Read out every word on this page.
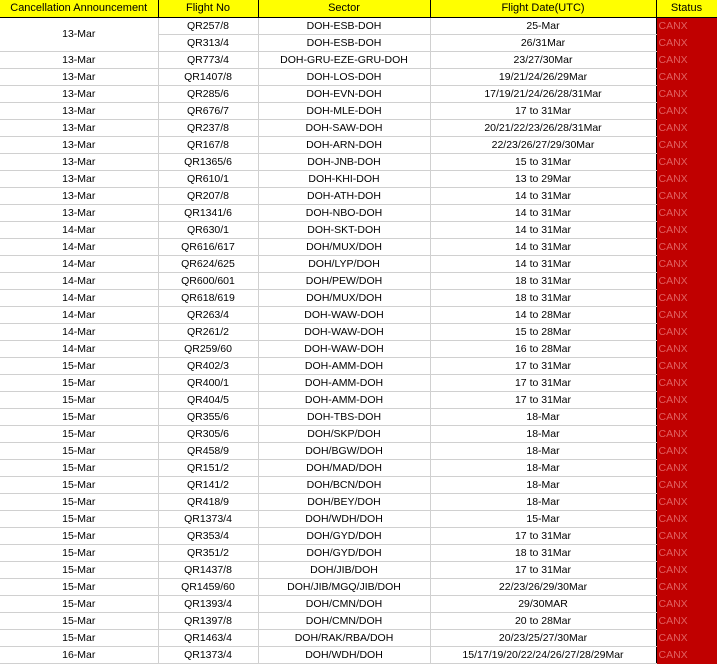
Cancellation Announcement	Flight No	Sector	Flight Date(UTC)	Status
13-Mar	QR257/8	DOH-ESB-DOH	25-Mar	CANX
	QR313/4	DOH-ESB-DOH	26/31Mar	CANX
13-Mar	QR773/4	DOH-GRU-EZE-GRU-DOH	23/27/30Mar	CANX
13-Mar	QR1407/8	DOH-LOS-DOH	19/21/24/26/29Mar	CANX
13-Mar	QR285/6	DOH-EVN-DOH	17/19/21/24/26/28/31Mar	CANX
13-Mar	QR676/7	DOH-MLE-DOH	17 to 31Mar	CANX
13-Mar	QR237/8	DOH-SAW-DOH	20/21/22/23/26/28/31Mar	CANX
13-Mar	QR167/8	DOH-ARN-DOH	22/23/26/27/29/30Mar	CANX
13-Mar	QR1365/6	DOH-JNB-DOH	15 to 31Mar	CANX
13-Mar	QR610/1	DOH-KHI-DOH	13 to 29Mar	CANX
13-Mar	QR207/8	DOH-ATH-DOH	14 to 31Mar	CANX
13-Mar	QR1341/6	DOH-NBO-DOH	14 to 31Mar	CANX
14-Mar	QR630/1	DOH-SKT-DOH	14 to 31Mar	CANX
14-Mar	QR616/617	DOH/MUX/DOH	14 to 31Mar	CANX
14-Mar	QR624/625	DOH/LYP/DOH	14 to 31Mar	CANX
14-Mar	QR600/601	DOH/PEW/DOH	18 to 31Mar	CANX
14-Mar	QR618/619	DOH/MUX/DOH	18 to 31Mar	CANX
14-Mar	QR263/4	DOH-WAW-DOH	14 to 28Mar	CANX
14-Mar	QR261/2	DOH-WAW-DOH	15 to 28Mar	CANX
14-Mar	QR259/60	DOH-WAW-DOH	16 to 28Mar	CANX
15-Mar	QR402/3	DOH-AMM-DOH	17 to 31Mar	CANX
15-Mar	QR400/1	DOH-AMM-DOH	17 to 31Mar	CANX
15-Mar	QR404/5	DOH-AMM-DOH	17 to 31Mar	CANX
15-Mar	QR355/6	DOH-TBS-DOH	18-Mar	CANX
15-Mar	QR305/6	DOH/SKP/DOH	18-Mar	CANX
15-Mar	QR458/9	DOH/BGW/DOH	18-Mar	CANX
15-Mar	QR151/2	DOH/MAD/DOH	18-Mar	CANX
15-Mar	QR141/2	DOH/BCN/DOH	18-Mar	CANX
15-Mar	QR418/9	DOH/BEY/DOH	18-Mar	CANX
15-Mar	QR1373/4	DOH/WDH/DOH	15-Mar	CANX
15-Mar	QR353/4	DOH/GYD/DOH	17 to 31Mar	CANX
15-Mar	QR351/2	DOH/GYD/DOH	18 to 31Mar	CANX
15-Mar	QR1437/8	DOH/JIB/DOH	17 to 31Mar	CANX
15-Mar	QR1459/60	DOH/JIB/MGQ/JIB/DOH	22/23/26/29/30Mar	CANX
15-Mar	QR1393/4	DOH/CMN/DOH	29/30MAR	CANX
15-Mar	QR1397/8	DOH/CMN/DOH	20 to 28Mar	CANX
15-Mar	QR1463/4	DOH/RAK/RBA/DOH	20/23/25/27/30Mar	CANX
16-Mar	QR1373/4	DOH/WDH/DOH	15/17/19/20/22/24/26/27/28/29Mar	CANX
